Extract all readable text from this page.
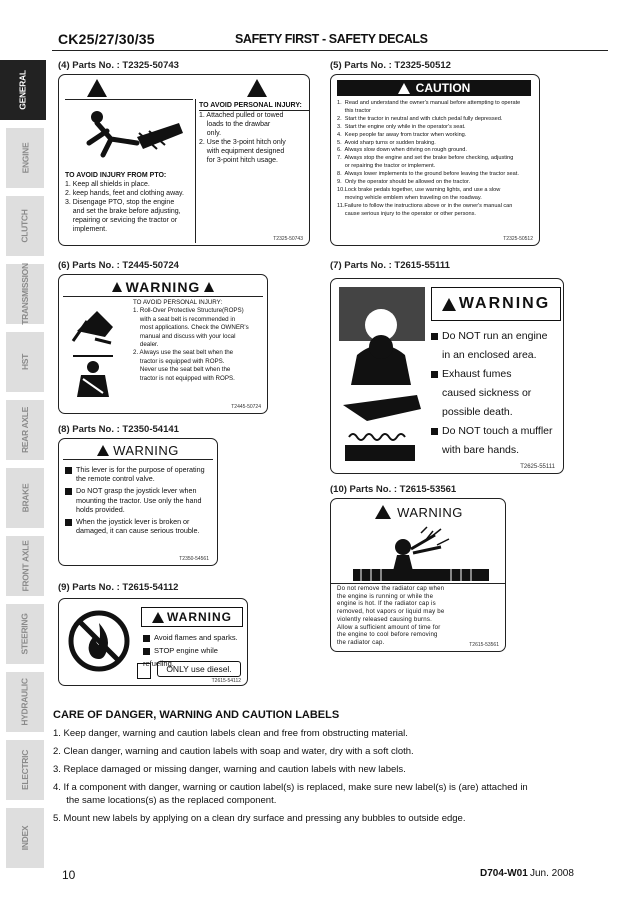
CK25/27/30/35	SAFETY FIRST - SAFETY DECALS
GENERAL
ENGINE
CLUTCH
TRANSMISSION
HST
REAR AXLE
BRAKE
FRONT AXLE
STEERING
HYDRAULIC
ELECTRIC
INDEX
(4) Parts No. : T2325-50743
TO AVOID INJURY FROM PTO:
1. Keep all shields in place.
2. keep hands, feet and clothing away.
3. Disengage PTO, stop the engine
and set the brake before adjusting,
repairing or sevicing the tractor or
implement.
TO AVOID PERSONAL INJURY:
1. Attached pulled or towed
loads to the drawbar
only.
2. Use the 3-point hitch only
with equipment designed
for 3-point hitch usage.
T2325-50743
(5) Parts No. : T2325-50512
CAUTION
1.  Read and understand the owner's manual before attempting to operate
this tractor
2.  Start the tractor in neutral and with clutch pedal fully depressed.
3.  Start the engine only while in the operator's seat.
4.  Keep people far away from tractor when working.
5.  Avoid sharp turns or sudden braking.
6.  Always slow down when driving on rough ground.
7.  Always stop the engine and set the brake before checking, adjusting
or repairing the tractor or implement.
8.  Always lower implements to the ground before leaving the tractor seat.
9.  Only the operator should be allowed on the tractor.
10.Lock brake pedals together, use warning lights, and use a slow
moving vehicle emblem when traveling on the roadway.
11.Failure to follow the instructions above or in the owner's manual can
cause serious injury to the operator or other persons.
T2325-50512
(6) Parts No. : T2445-50724
WARNING
TO AVOID PERSONAL INJURY:
1. Roll-Over Protective Structure(ROPS)
with a seat belt is recommended in
most applications. Check the OWNER's
manual and discuss with your local
dealer.
2. Always use the seat belt when the
tractor is equipped with ROPS.
Never use the seat belt when the
tractor is not equipped with ROPS.
T2445-50724
(7) Parts No. : T2615-55111
WARNING
Do NOT run an engine
in an enclosed area.
Exhaust fumes
caused sickness or
possible death.
Do NOT touch a muffler
with bare hands.
T2625-55111
(8) Parts No. : T2350-54141
WARNING
This lever is for the purpose of operating
the remote control valve.
Do NOT grasp the joystick lever when
mounting the tractor. Use only the hand
holds provided.
When the joystick lever is broken or
damaged, it can cause serious trouble.
T2350-54561
(9) Parts No. : T2615-54112
WARNING
Avoid flames and sparks.
STOP engine while refueling.
ONLY use diesel.
T2615-54112
(10) Parts No. : T2615-53561
WARNING
Do not remove the radiator cap when
the engine is running or while the
engine is hot. If the radiator cap is
removed, hot vapors or liquid may be
violently released causing burns.
Allow a sufficient amount of time for
the engine to cool before removing
the radiator cap.	T2615-53561
CARE OF DANGER, WARNING AND CAUTION LABELS
1. Keep danger, warning and caution labels clean and free from obstructing material.
2. Clean danger, warning and caution labels with soap and water, dry with a soft cloth.
3. Replace damaged or missing danger, warning and caution labels with new labels.
4. If a component with danger, warning or caution label(s) is replaced, make sure new label(s) is (are) attached in
the same locations(s) as the replaced component.
5. Mount new labels by applying on a clean dry surface and pressing any bubbles to outside edge.
10	D704-W01 Jun. 2008
